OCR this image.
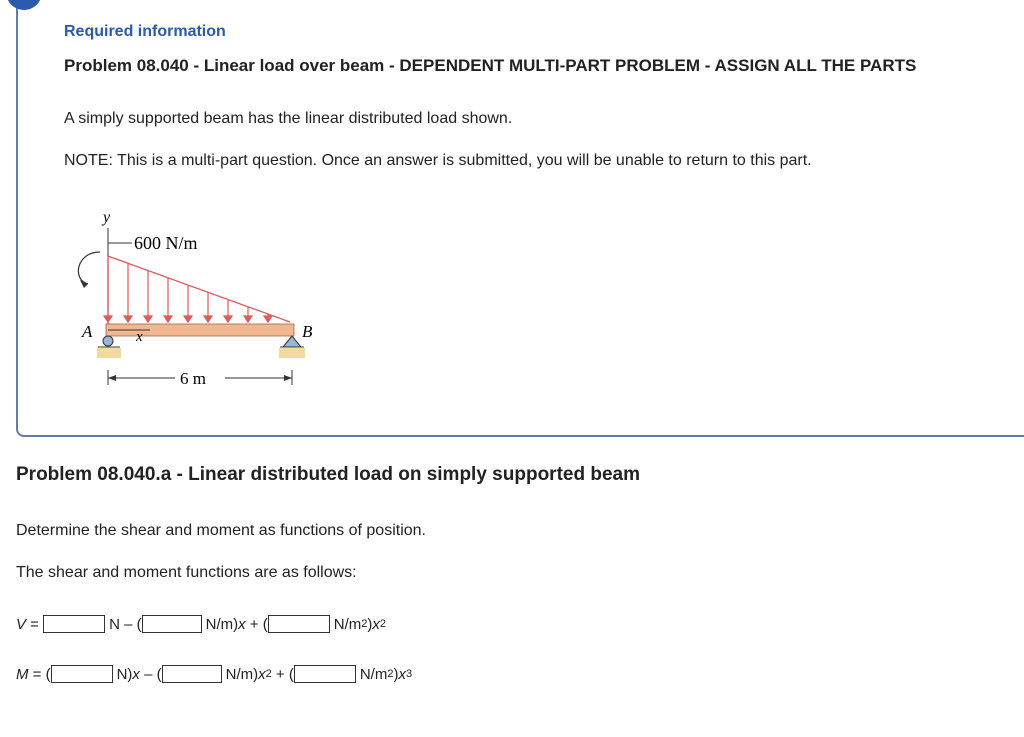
Required information
Problem 08.040 - Linear load over beam - DEPENDENT MULTI-PART PROBLEM - ASSIGN ALL THE PARTS
A simply supported beam has the linear distributed load shown.
NOTE: This is a multi-part question. Once an answer is submitted, you will be unable to return to this part.
y
600 N/m
x
A	B
6 m
Problem 08.040.a - Linear distributed load on simply supported beam
Determine the shear and moment as functions of position.
The shear and moment functions are as follows:
V =	N – (	N/m) x + (	N/m 2 ) x 2
M = (	N) x – (	N/m) x 2 + (	N/m 2 ) x 3
